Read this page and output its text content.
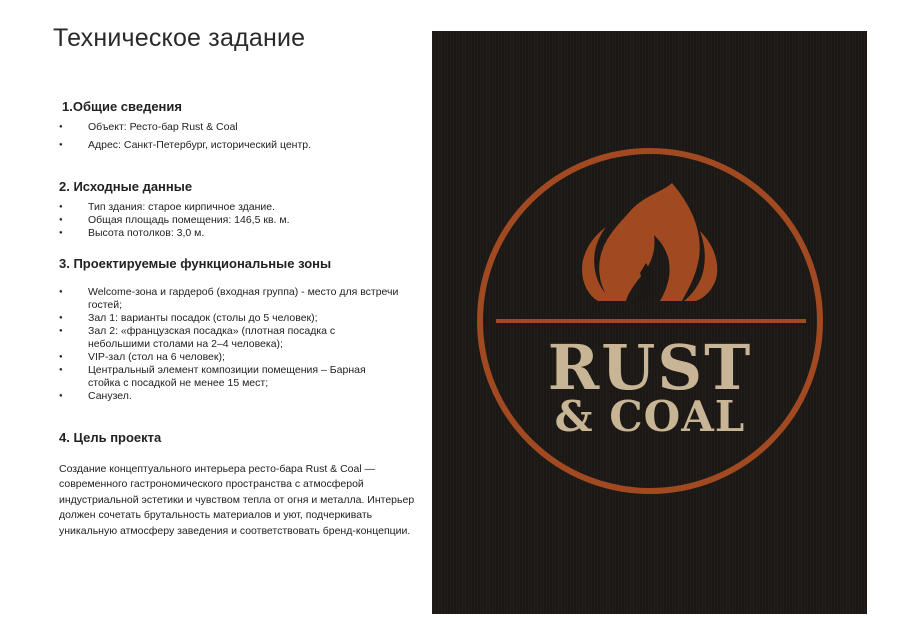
Техническое задание
1.Общие сведения
● Объект: Ресто-бар Rust & Coal
● Адрес: Санкт-Петербург, исторический центр.
2. Исходные данные
● Тип здания: старое кирпичное здание.
● Общая площадь помещения: 146,5 кв. м.
● Высота потолков: 3,0 м.
3. Проектируемые функциональные зоны
● Welcome-зона и гардероб (входная группа) - место для встречи гостей;
● Зал 1: варианты посадок (столы до 5 человек);
● Зал 2: «французская посадка» (плотная посадка с небольшими столами на 2–4 человека);
● VIP-зал (стол на 6 человек);
● Центральный элемент композиции помещения – Барная стойка с посадкой не менее 15 мест;
● Санузел.
4. Цель проекта

Создание концептуального интерьера ресто-бара Rust & Coal — современного гастрономического пространства с атмосферой индустриальной эстетики и чувством тепла от огня и металла. Интерьер должен сочетать брутальность материалов и уют, подчеркивать уникальную атмосферу заведения и соответствовать бренд-концепции.

RUST
& COAL
